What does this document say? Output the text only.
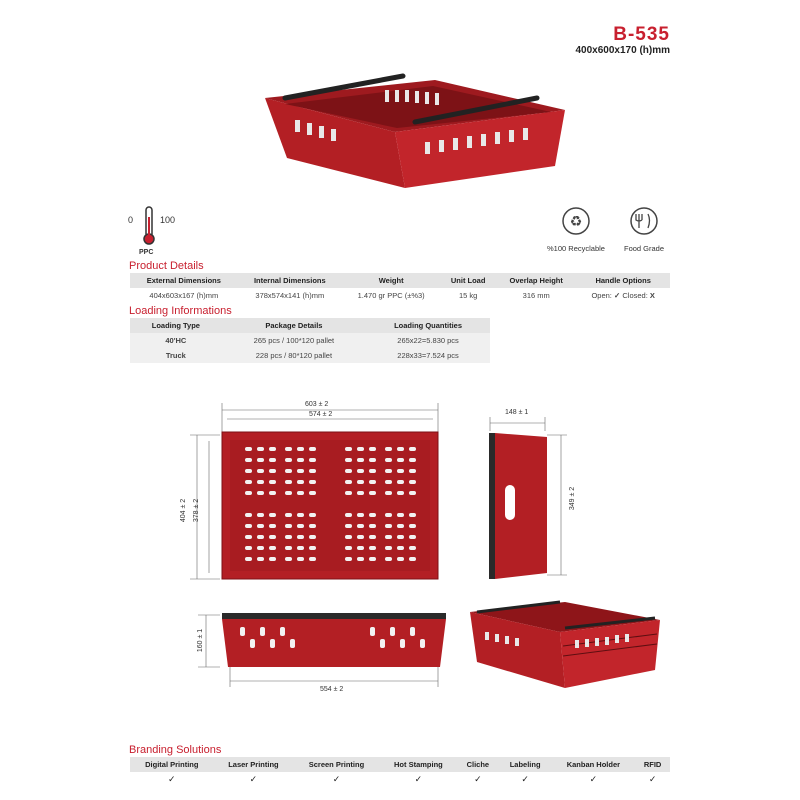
B-535
400x600x170 (h)mm
0	100
PPC
♻
%100 Recyclable	Food Grade
Product Details
External Dimensions	Internal Dimensions	Weight	Unit Load	Overlap Height	Handle Options
404x603x167 (h)mm	378x574x141 (h)mm	1.470 gr PPC (±%3)	15 kg	316 mm	Open: ✓ Closed: X
Loading Informations
Loading Type	Package Details	Loading Quantities
40'HC	265 pcs / 100*120 pallet	265x22=5.830 pcs
Truck	228 pcs / 80*120 pallet	228x33=7.524 pcs
603 ± 2
574 ± 2
404 ± 2 378 ± 2
148 ± 1
349 ± 2
160 ± 1
554 ± 2
Branding Solutions
Digital Printing	Laser Printing	Screen Printing	Hot Stamping	Cliche	Labeling	Kanban Holder	RFID
✓	✓	✓	✓	✓	✓	✓	✓
